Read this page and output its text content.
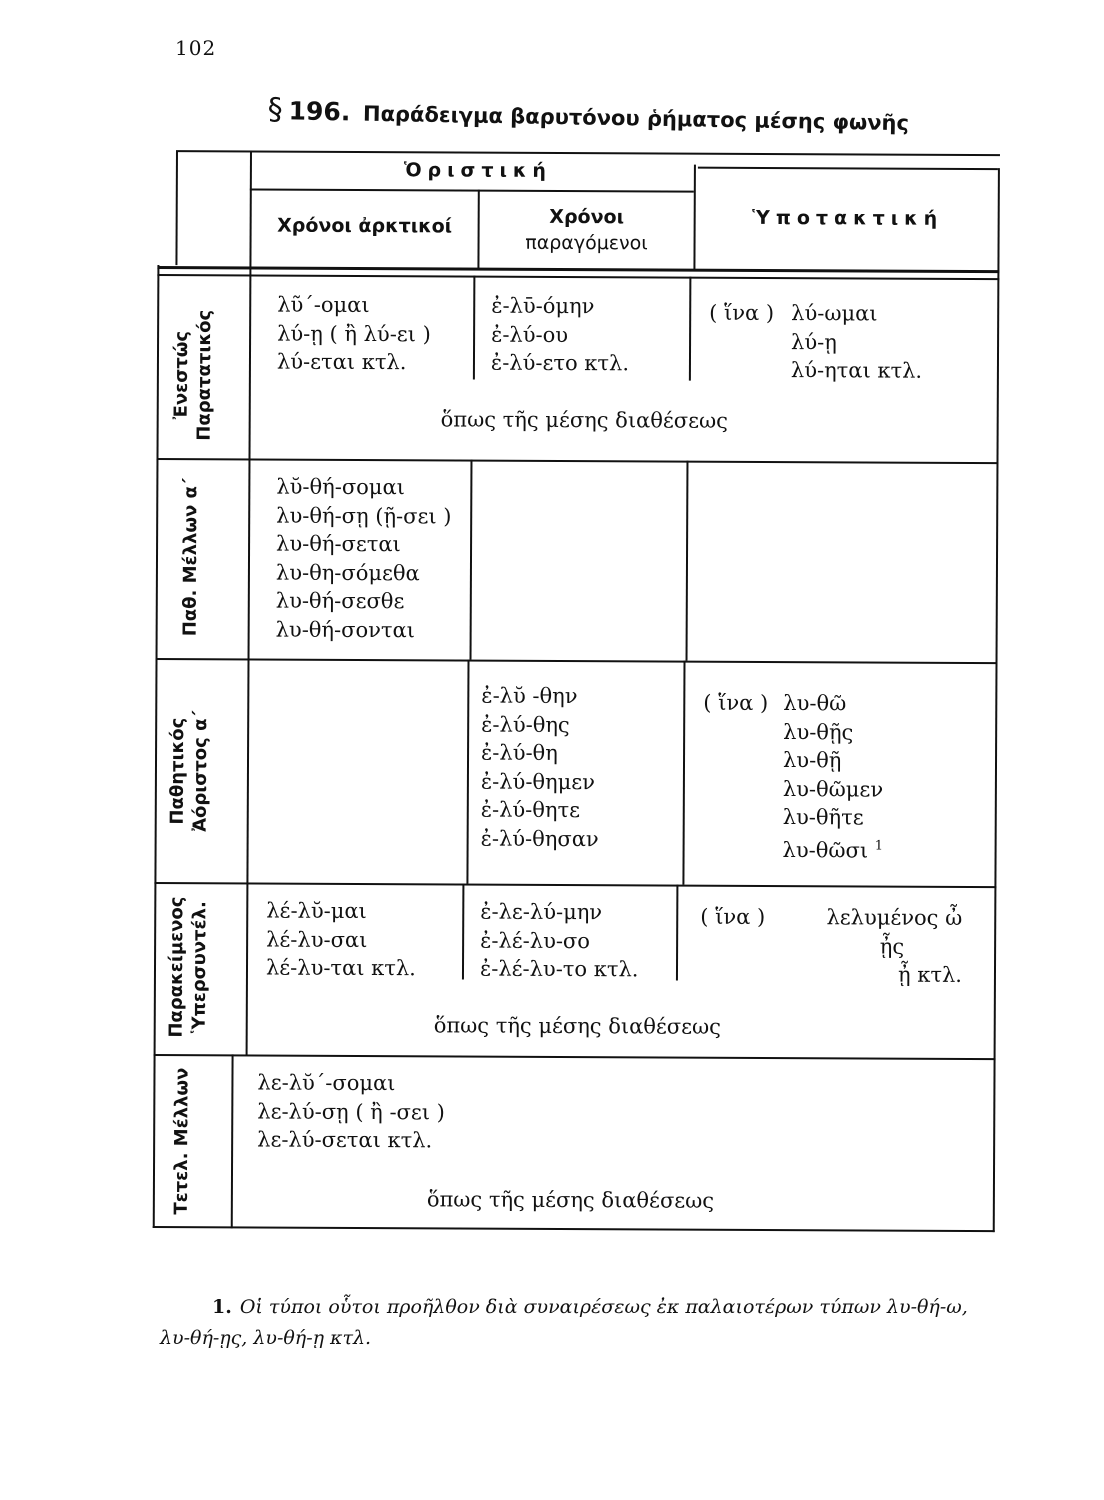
102
§ 196. Παράδειγμα βαρυτόνου ῥήματος μέσης φωνῆς
Ὁριστική
Χρόνοι ἀρκτικοί	Χρόνοι
παραγόμενοι
Ὑποτακτική
Ἐνεστώς Παρατατικός
Παθ. Μέλλων α΄
Παθητικός Ἀόριστος α΄
Παρακείμενος Ὑπερσυντέλ.
Τετελ. Μέλλων
λῦ΄-ομαι
λύ-ῃ ( ἢ λύ-ει )
λύ-εται κτλ.
ἐ-λῡ-όμην
ἐ-λύ-ου
ἐ-λύ-ετο κτλ.
( ἵνα ) λύ-ωμαι
λύ-ῃ
λύ-ηται κτλ.
ὅπως τῆς μέσης διαθέσεως
λῠ-θή-σομαι
λυ-θή-σῃ (ῇ-σει )
λυ-θή-σεται
λυ-θη-σόμεθα
λυ-θή-σεσθε
λυ-θή-σονται
ἐ-λῠ -θην
ἐ-λύ-θης
ἐ-λύ-θη
ἐ-λύ-θημεν
ἐ-λύ-θητε
ἐ-λύ-θησαν
( ἵνα ) λυ-θῶ
λυ-θῇς
λυ-θῇ
λυ-θῶμεν
λυ-θῆτε
λυ-θῶσι $^1$
λέ-λῠ-μαι
λέ-λυ-σαι
λέ-λυ-ται κτλ.
ἐ-λε-λύ-μην
ἐ-λέ-λυ-σο
ἐ-λέ-λυ-το κτλ.
( ἵνα )	λελυμένος ὦ
ᾖς
ᾖ κτλ.
ὅπως τῆς μέσης διαθέσεως
λε-λῠ΄-σομαι
λε-λύ-σῃ ( ἢ -σει )
λε-λύ-σεται κτλ.
ὅπως τῆς μέσης διαθέσεως
1. Οἱ τύποι οὗτοι προῆλθον διὰ συναιρέσεως ἐκ παλαιοτέρων τύπων λυ-θή-ω,
λυ-θή-ῃς, λυ-θή-ῃ κτλ.
